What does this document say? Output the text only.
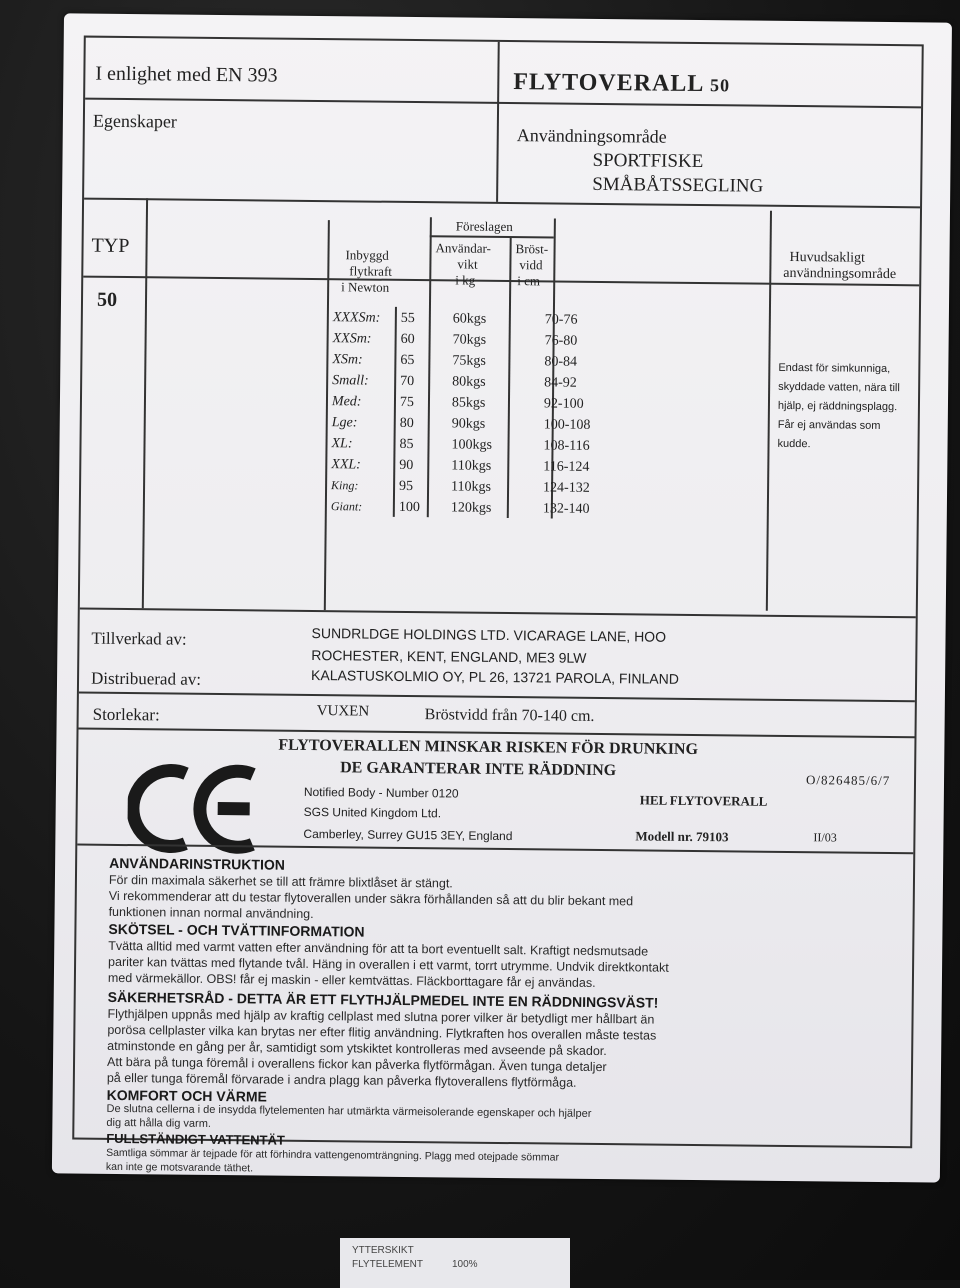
I enlighet med EN 393	FLYTOVERALL 50
Egenskaper
Användningsområde
SPORTFISKE
SMÅBÅTSSEGLING
TYP
50
Inbyggd
flytkraft
i Newton
Föreslagen
Användar-
vikt
i kg
Bröst-
vidd
i cm
Huvudsakligt
användningsområde
XXXSm: 55	60kgs	70-76
XXSm: 60	70kgs	76-80
XSm:	65	75kgs	80-84
Small: 70	80kgs	84-92
Med:	75	85kgs	92-100
Lge:	80	90kgs	100-108
XL:	85	100kgs	108-116
XXL:	90	110kgs	116-124
King:	95	110kgs	124-132
Giant:	100 120kgs	132-140
Endast för simkunniga,
skyddade vatten, nära till
hjälp, ej räddningsplagg.
Får ej användas som
kudde.
Tillverkad av:	SUNDRLDGE HOLDINGS LTD. VICARAGE LANE, HOO
ROCHESTER, KENT, ENGLAND, ME3 9LW
Distribuerad av:	KALASTUSKOLMIO OY, PL 26, 13721 PAROLA, FINLAND
Storlekar:	VUXEN	Bröstvidd från 70-140 cm.
FLYTOVERALLEN MINSKAR RISKEN FÖR DRUNKING
DE GARANTERAR INTE RÄDDNING
O/826485/6/7
Notified Body - Number 0120
SGS United Kingdom Ltd.
Camberley, Surrey GU15 3EY, England
HEL FLYTOVERALL
Modell nr. 79103	II/03
ANVÄNDARINSTRUKTION
För din maximala säkerhet se till att främre blixtlåset är stängt.
Vi rekommenderar att du testar flytoverallen under säkra förhållanden så att du blir bekant med
funktionen innan normal användning.
SKÖTSEL - OCH TVÄTTINFORMATION
Tvätta alltid med varmt vatten efter användning för att ta bort eventuellt salt. Kraftigt nedsmutsade
pariter kan tvättas med flytande tvål. Häng in overallen i ett varmt, torrt utrymme. Undvik direktkontakt
med värmekällor. OBS! får ej maskin - eller kemtvättas. Fläckborttagare får ej användas.
SÄKERHETSRÅD - DETTA ÄR ETT FLYTHJÄLPMEDEL INTE EN RÄDDNINGSVÄST!
Flythjälpen uppnås med hjälp av kraftig cellplast med slutna porer vilker är betydligt mer hållbart än
porösa cellplaster vilka kan brytas ner efter flitig användning. Flytkraften hos overallen måste testas
atminstonde en gång per år, samtidigt som ytskiktet kontrolleras med avseende på skador.
Att bära på tunga föremål i overallens fickor kan påverka flytförmågan. Även tunga detaljer
på eller tunga föremål förvarade i andra plagg kan påverka flytoverallens flytförmåga.
KOMFORT OCH VÄRME
De slutna cellerna i de insydda flytelementen har utmärkta värmeisolerande egenskaper och hjälper
dig att hålla dig varm.
FULLSTÄNDIGT VATTENTÄT
Samtliga sömmar är tejpade för att förhindra vattengenomträngning. Plagg med otejpade sömmar
kan inte ge motsvarande täthet.
YTTERSKIKT
FLYTELEMENT	100%
